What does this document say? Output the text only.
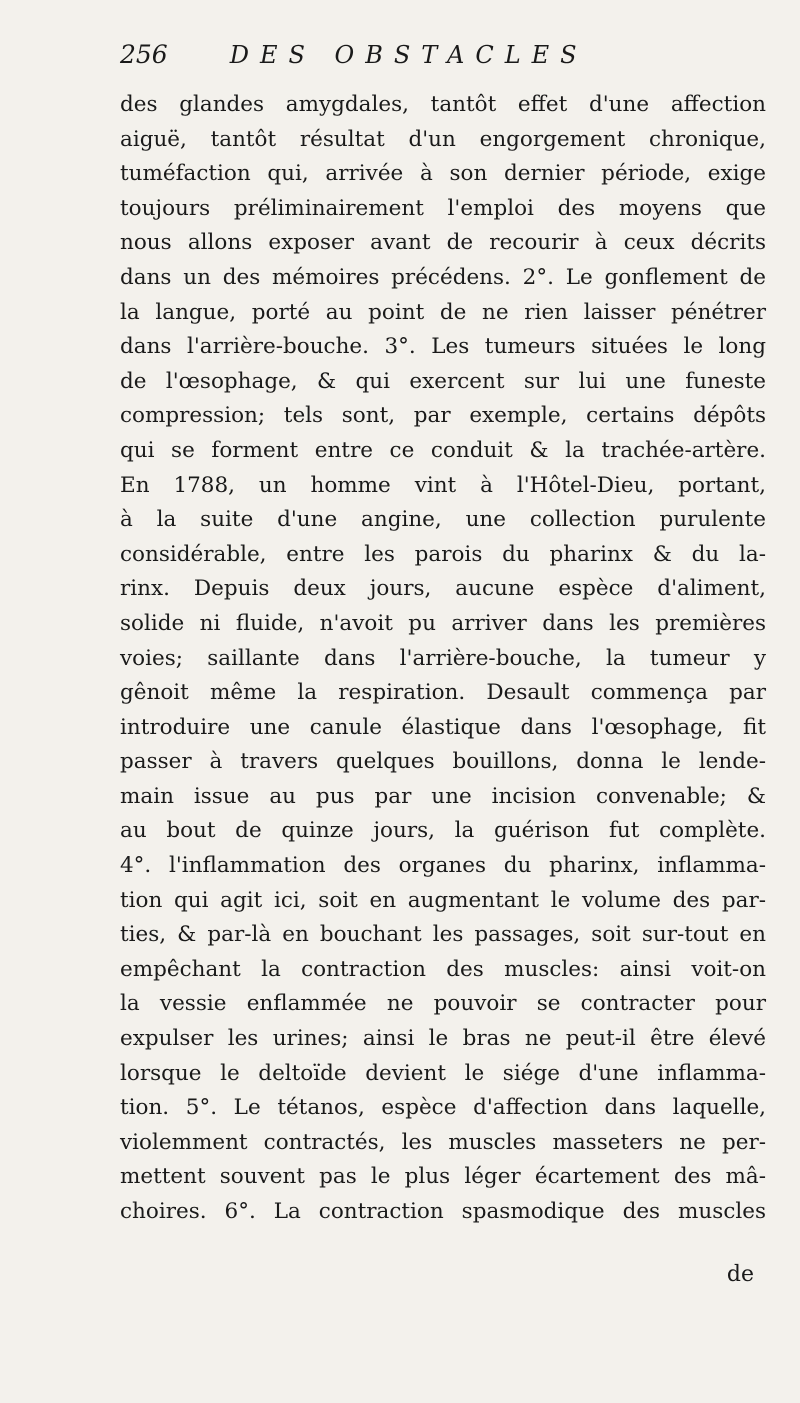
256	DES OBSTACLES
des glandes amygdales, tantôt effet d'une affection
aiguë, tantôt résultat d'un engorgement chronique,
tuméfaction qui, arrivée à son dernier période, exige
toujours préliminairement l'emploi des moyens que
nous allons exposer avant de recourir à ceux décrits
dans un des mémoires précédens. 2°. Le gonflement de
la langue, porté au point de ne rien laisser pénétrer
dans l'arrière-bouche. 3°. Les tumeurs situées le long
de l'œsophage, & qui exercent sur lui une funeste
compression; tels sont, par exemple, certains dépôts
qui se forment entre ce conduit & la trachée-artère.
En 1788, un homme vint à l'Hôtel-Dieu, portant,
à la suite d'une angine, une collection purulente
considérable, entre les parois du pharinx & du la-
rinx. Depuis deux jours, aucune espèce d'aliment,
solide ni fluide, n'avoit pu arriver dans les premières
voies; saillante dans l'arrière-bouche, la tumeur y
gênoit même la respiration. Desault commença par
introduire une canule élastique dans l'œsophage, fit
passer à travers quelques bouillons, donna le lende-
main issue au pus par une incision convenable; &
au bout de quinze jours, la guérison fut complète.
4°. l'inflammation des organes du pharinx, inflamma-
tion qui agit ici, soit en augmentant le volume des par-
ties, & par-là en bouchant les passages, soit sur-tout en
empêchant la contraction des muscles: ainsi voit-on
la vessie enflammée ne pouvoir se contracter pour
expulser les urines; ainsi le bras ne peut-il être élevé
lorsque le deltoïde devient le siége d'une inflamma-
tion. 5°. Le tétanos, espèce d'affection dans laquelle,
violemment contractés, les muscles masseters ne per-
mettent souvent pas le plus léger écartement des mâ-
choires. 6°. La contraction spasmodique des muscles
de
